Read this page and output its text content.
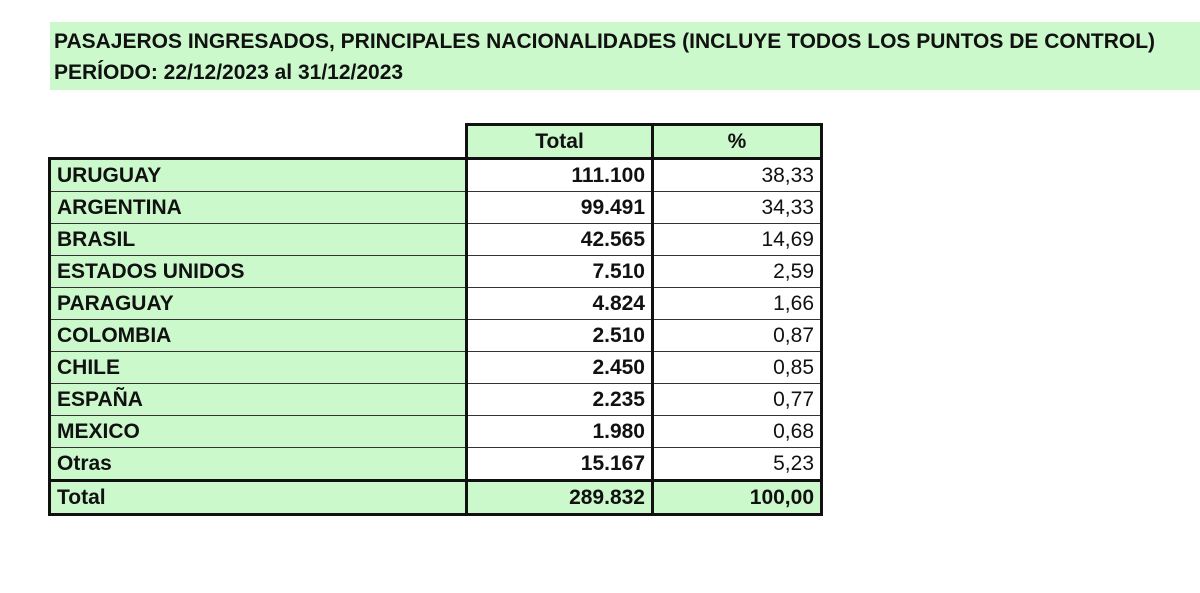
PASAJEROS INGRESADOS, PRINCIPALES NACIONALIDADES (INCLUYE TODOS LOS PUNTOS DE CONTROL)
PERÍODO: 22/12/2023 al 31/12/2023
	Total	%
URUGUAY	111.100	38,33
ARGENTINA	99.491	34,33
BRASIL	42.565	14,69
ESTADOS UNIDOS	7.510	2,59
PARAGUAY	4.824	1,66
COLOMBIA	2.510	0,87
CHILE	2.450	0,85
ESPAÑA	2.235	0,77
MEXICO	1.980	0,68
Otras	15.167	5,23
Total	289.832	100,00
